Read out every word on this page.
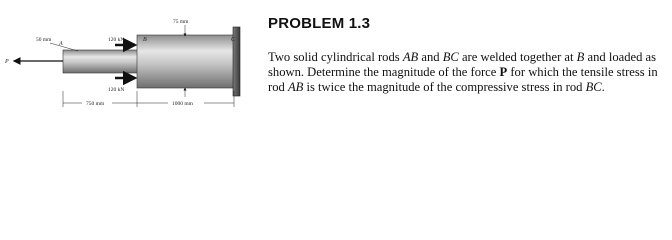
P
A
B	C
120 kN
120 kN
50 mm
75 mm
750 mm	1000 mm
PROBLEM 1.3

Two solid cylindrical rods AB and BC are welded together at B and loaded as shown. Determine the magnitude of the force P for which the tensile stress in rod AB is twice the magnitude of the compressive stress in rod BC.
